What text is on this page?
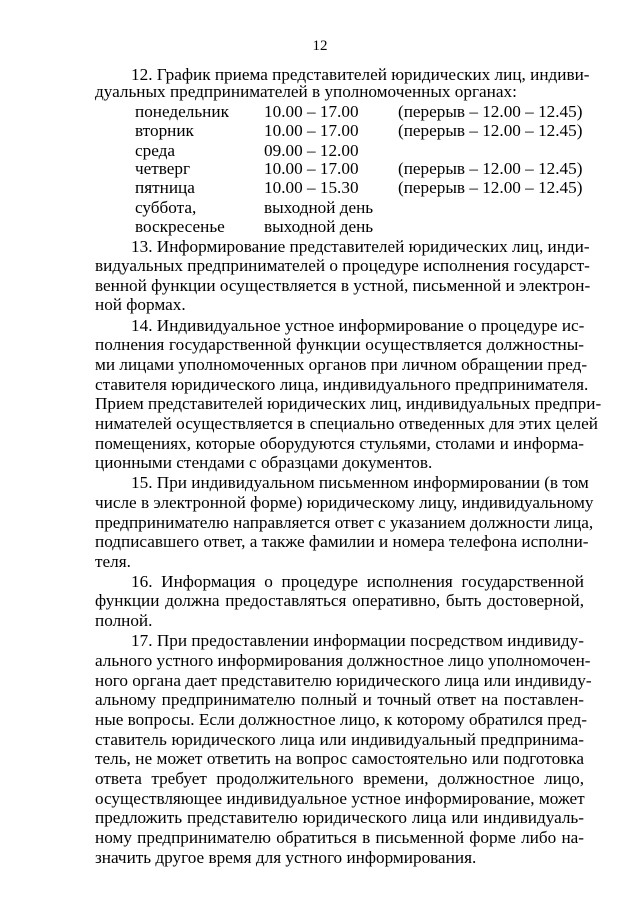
12
12. График приема представителей юридических лиц, индиви-
дуальных предпринимателей в уполномоченных органах:
понедельник 10.00 – 17.00 (перерыв – 12.00 – 12.45)
вторник	10.00 – 17.00 (перерыв – 12.00 – 12.45)
среда	09.00 – 12.00
четверг	10.00 – 17.00 (перерыв – 12.00 – 12.45)
пятница	10.00 – 15.30 (перерыв – 12.00 – 12.45)
суббота,	выходной день
воскресенье выходной день
13. Информирование представителей юридических лиц, инди-
видуальных предпринимателей о процедуре исполнения государст-
венной функции осуществляется в устной, письменной и электрон-
ной формах.
14. Индивидуальное устное информирование о процедуре ис-
полнения государственной функции осуществляется должностны-
ми лицами уполномоченных органов при личном обращении пред-
ставителя юридического лица, индивидуального предпринимателя.
Прием представителей юридических лиц, индивидуальных предпри-
нимателей осуществляется в специально отведенных для этих целей
помещениях, которые оборудуются стульями, столами и информа-
ционными стендами с образцами документов.
15. При индивидуальном письменном информировании (в том
числе в электронной форме) юридическому лицу, индивидуальному
предпринимателю направляется ответ с указанием должности лица,
подписавшего ответ, а также фамилии и номера телефона исполни-
теля.
16. Информация о процедуре исполнения государственной
функции должна предоставляться оперативно, быть достоверной,
полной.
17. При предоставлении информации посредством индивиду-
ального устного информирования должностное лицо уполномочен-
ного органа дает представителю юридического лица или индивиду-
альному предпринимателю полный и точный ответ на поставлен-
ные вопросы. Если должностное лицо, к которому обратился пред-
ставитель юридического лица или индивидуальный предпринима-
тель, не может ответить на вопрос самостоятельно или подготовка
ответа требует продолжительного времени, должностное лицо,
осуществляющее индивидуальное устное информирование, может
предложить представителю юридического лица или индивидуаль-
ному предпринимателю обратиться в письменной форме либо на-
значить другое время для устного информирования.
